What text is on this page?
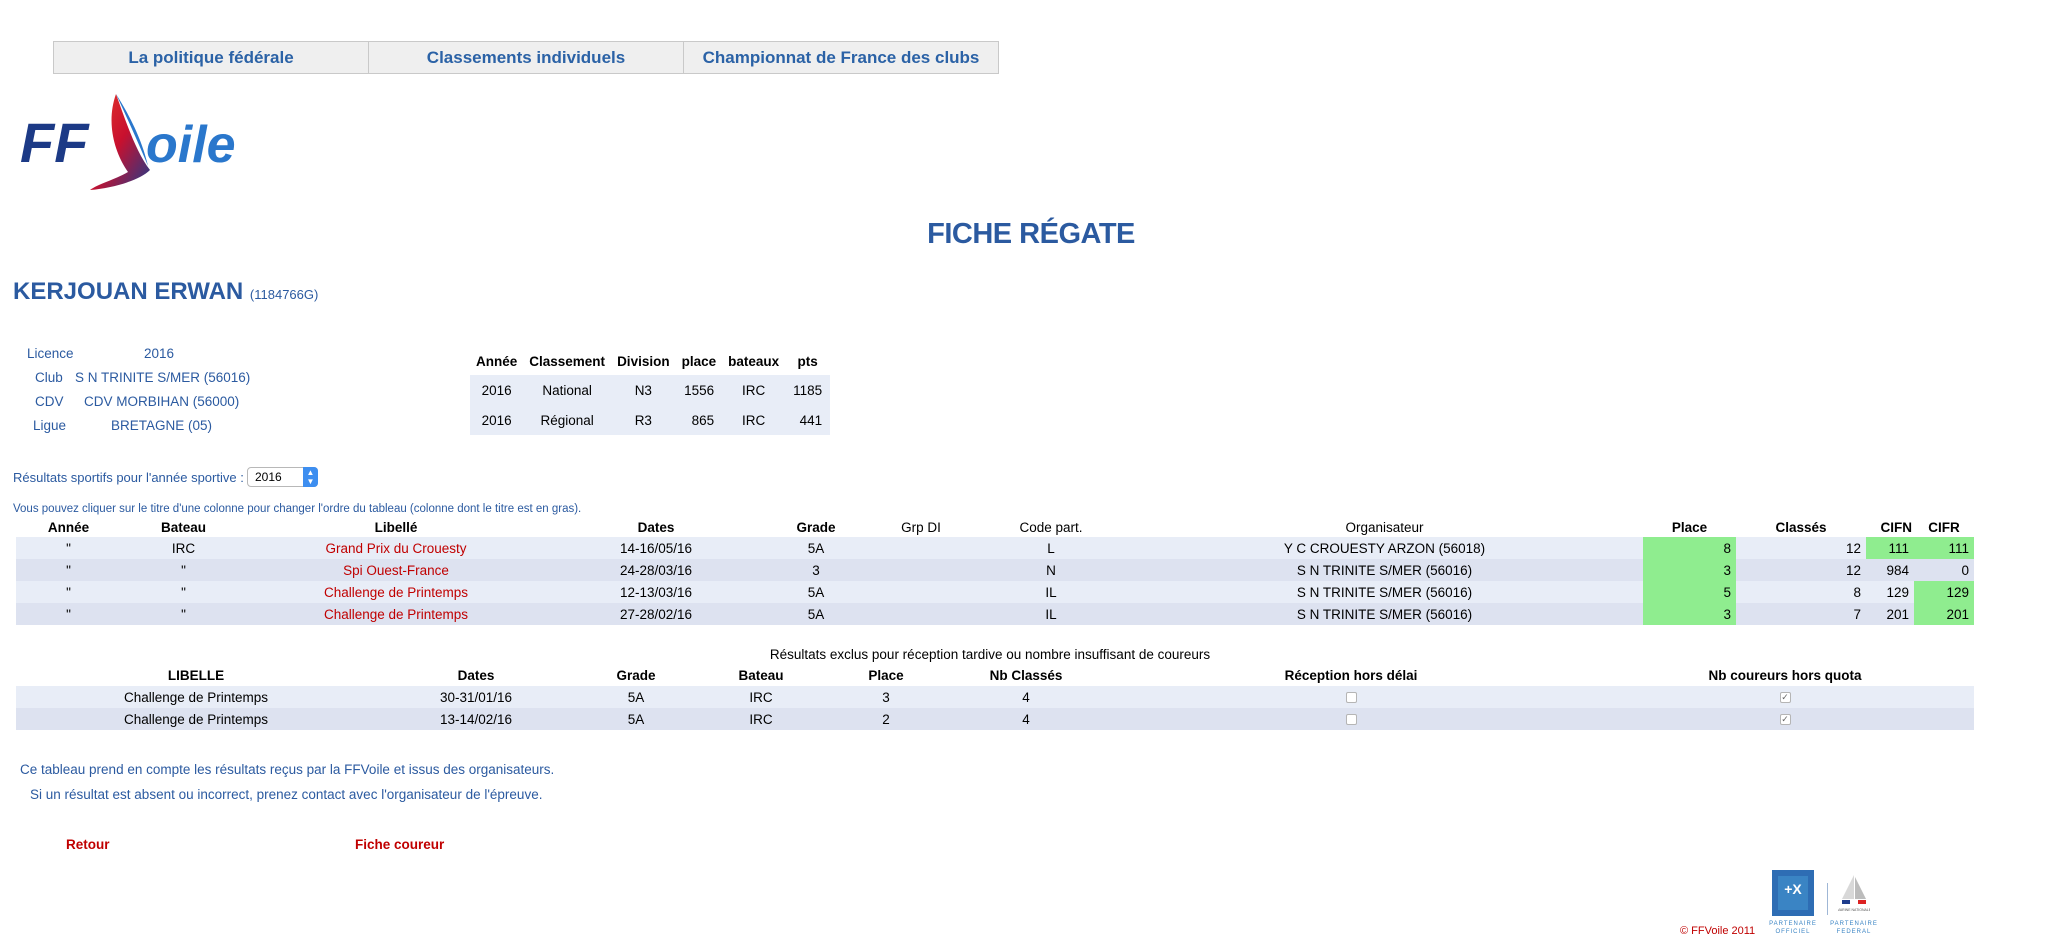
La politique fédérale	Classements individuels	Championnat de France des clubs
FF oile
FICHE RÉGATE
KERJOUAN ERWAN (1184766G)
Licence	2016
Club S N TRINITE S/MER (56016)
CDV CDV MORBIHAN (56000)
Ligue	BRETAGNE (05)
Année	Classement	Division	place	bateaux	pts
2016	National	N3	1556	IRC	1185
2016	Régional	R3	865	IRC	441
Résultats sportifs pour l'année sportive : 2016	▲
▼
Vous pouvez cliquer sur le titre d'une colonne pour changer l'ordre du tableau (colonne dont le titre est en gras).
Année	Bateau	Libellé	Dates	Grade	Grp DI	Code part.	Organisateur	Place	Classés	CIFN	CIFR
"	IRC	Grand Prix du Crouesty	14-16/05/16	5A		L	Y C CROUESTY ARZON (56018)	8	12	111	111
"	"	Spi Ouest-France	24-28/03/16	3		N	S N TRINITE S/MER (56016)	3	12	984	0
"	"	Challenge de Printemps	12-13/03/16	5A		IL	S N TRINITE S/MER (56016)	5	8	129	129
"	"	Challenge de Printemps	27-28/02/16	5A		IL	S N TRINITE S/MER (56016)	3	7	201	201
Résultats exclus pour réception tardive ou nombre insuffisant de coureurs
LIBELLE	Dates	Grade	Bateau	Place	Nb Classés	Réception hors délai	Nb coureurs hors quota
Challenge de Printemps	30-31/01/16	5A	IRC	3	4		✓
Challenge de Printemps	13-14/02/16	5A	IRC	2	4		✓
Ce tableau prend en compte les résultats reçus par la FFVoile et issus des organisateurs.
Si un résultat est absent ou incorrect, prenez contact avec l'organisateur de l'épreuve.
Retour	Fiche coureur
© FFVoile 2011
+X
PARTENAIRE OFFICIEL
MARINE NATIONALE
PARTENAIRE FEDERAL
